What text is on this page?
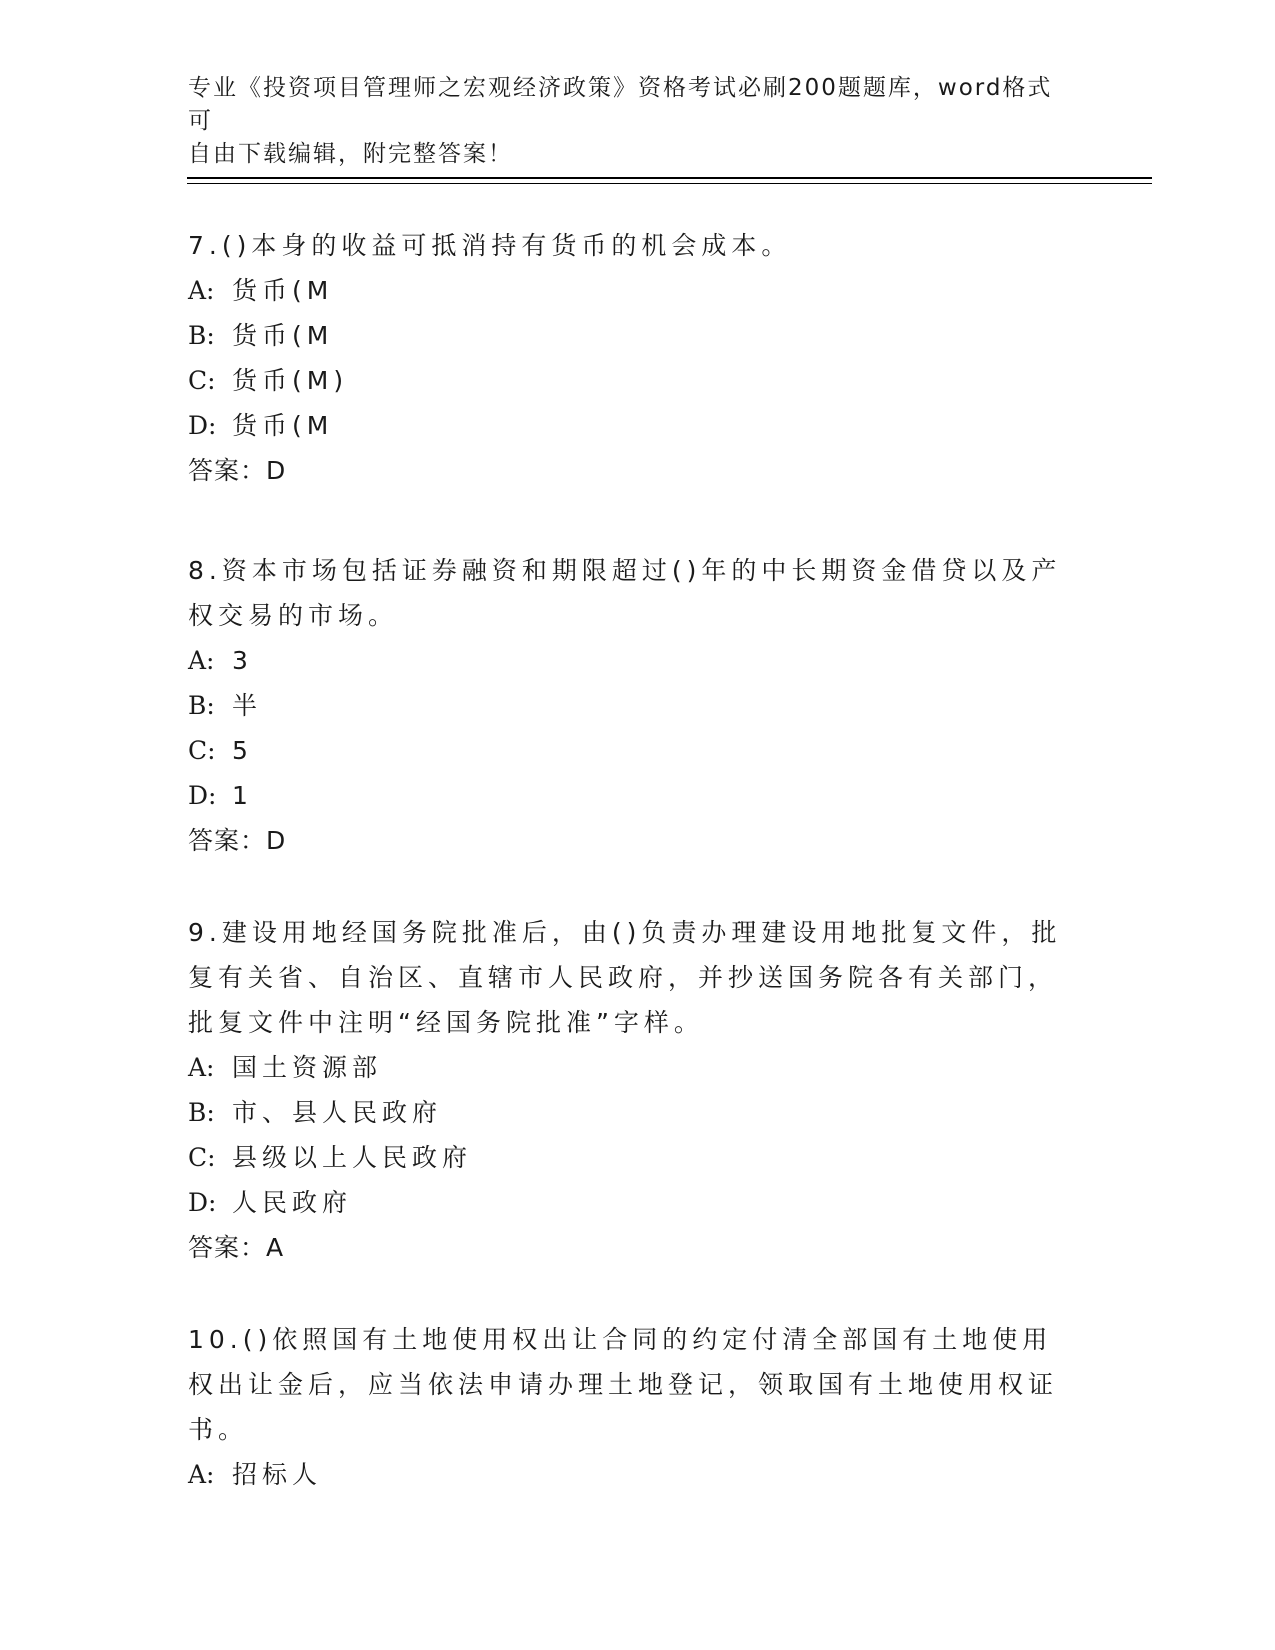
专业《投资项目管理师之宏观经济政策》资格考试必刷200题题库，word格式可
自由下载编辑，附完整答案！

7.()本身的收益可抵消持有货币的机会成本。

A: 货币(M

B: 货币(M

C: 货币(M)

D: 货币(M

答案：D

8.资本市场包括证券融资和期限超过()年的中长期资金借贷以及产权交易的市场。

A: 3

B: 半

C: 5

D: 1

答案：D

9.建设用地经国务院批准后，由()负责办理建设用地批复文件，批复有关省、自治区、直辖市人民政府，并抄送国务院各有关部门，批复文件中注明“经国务院批准”字样。

A: 国土资源部

B: 市、县人民政府

C: 县级以上人民政府

D: 人民政府

答案：A

10.()依照国有土地使用权出让合同的约定付清全部国有土地使用权出让金后，应当依法申请办理土地登记，领取国有土地使用权证书。

A: 招标人
